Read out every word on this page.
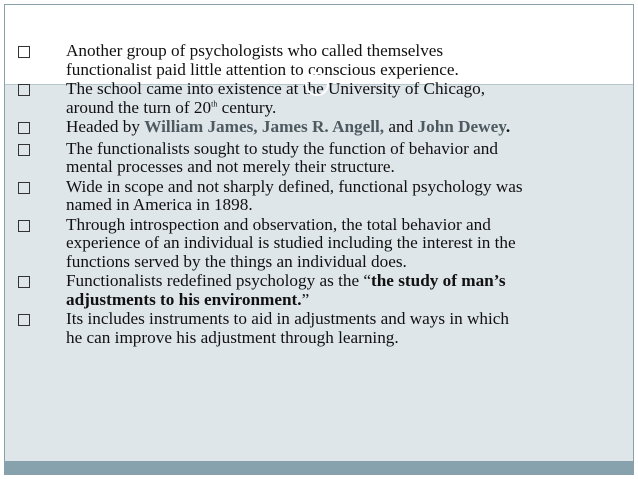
Another group of psychologists who called themselves
functionalist paid little attention to conscious experience.
The school came into existence at the University of Chicago,
around the turn of 20th century.
Headed by William James, James R. Angell, and John Dewey.
The functionalists sought to study the function of behavior and
mental processes and not merely their structure.
Wide in scope and not sharply defined, functional psychology was
named in America in 1898.
Through introspection and observation, the total behavior and
experience of an individual is studied including the interest in the
functions served by the things an individual does.
Functionalists redefined psychology as the “the study of man’s
adjustments to his environment.”
Its includes instruments to aid in adjustments and ways in which
he can improve his adjustment through learning.
